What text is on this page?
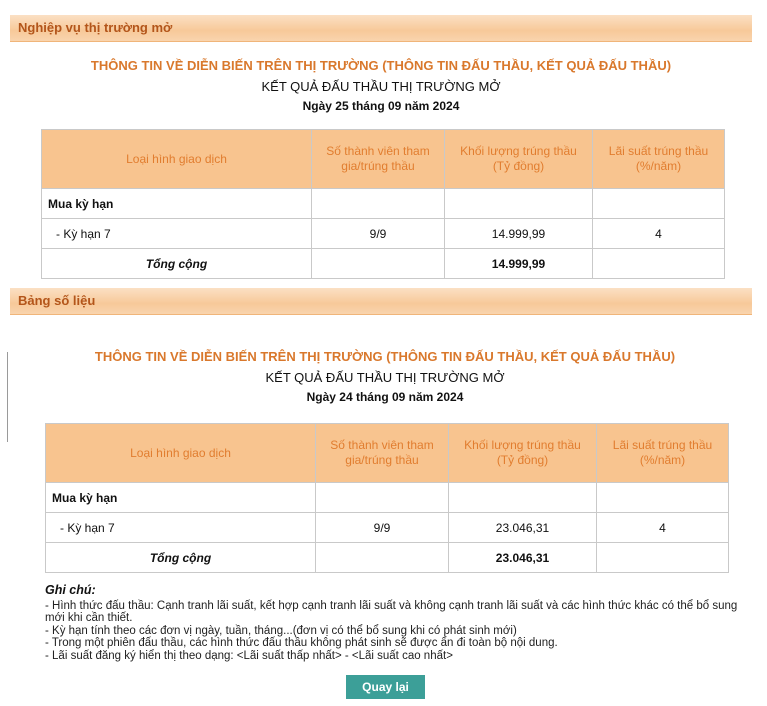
Nghiệp vụ thị trường mở
THÔNG TIN VỀ DIỄN BIẾN TRÊN THỊ TRƯỜNG (THÔNG TIN ĐẤU THẦU, KẾT QUẢ ĐẤU THẦU)
KẾT QUẢ ĐẤU THẦU THỊ TRƯỜNG MỞ
Ngày 25 tháng 09 năm 2024
Loại hình giao dịch	Số thành viên tham gia/trúng thầu	Khối lượng trúng thầu (Tỷ đồng)	Lãi suất trúng thầu (%/năm)
Mua kỳ hạn			
- Kỳ hạn 7	9/9	14.999,99	4
Tổng cộng		14.999,99	
Bảng số liệu
THÔNG TIN VỀ DIỄN BIẾN TRÊN THỊ TRƯỜNG (THÔNG TIN ĐẤU THẦU, KẾT QUẢ ĐẤU THẦU)
KẾT QUẢ ĐẤU THẦU THỊ TRƯỜNG MỞ
Ngày 24 tháng 09 năm 2024
Loại hình giao dịch	Số thành viên tham gia/trúng thầu	Khối lượng trúng thầu (Tỷ đồng)	Lãi suất trúng thầu (%/năm)
Mua kỳ hạn			
- Kỳ hạn 7	9/9	23.046,31	4
Tổng cộng		23.046,31	
Ghi chú:
- Hình thức đấu thầu: Cạnh tranh lãi suất, kết hợp cạnh tranh lãi suất và không cạnh tranh lãi suất và các hình thức khác có thể bổ sung mới khi cần thiết.
- Kỳ hạn tính theo các đơn vị ngày, tuần, tháng...(đơn vị có thể bổ sung khi có phát sinh mới)
- Trong một phiên đấu thầu, các hình thức đấu thầu không phát sinh sẽ được ẩn đi toàn bộ nội dung.
- Lãi suất đăng ký hiển thị theo dạng: <Lãi suất thấp nhất> - <Lãi suất cao nhất>
Quay lại
